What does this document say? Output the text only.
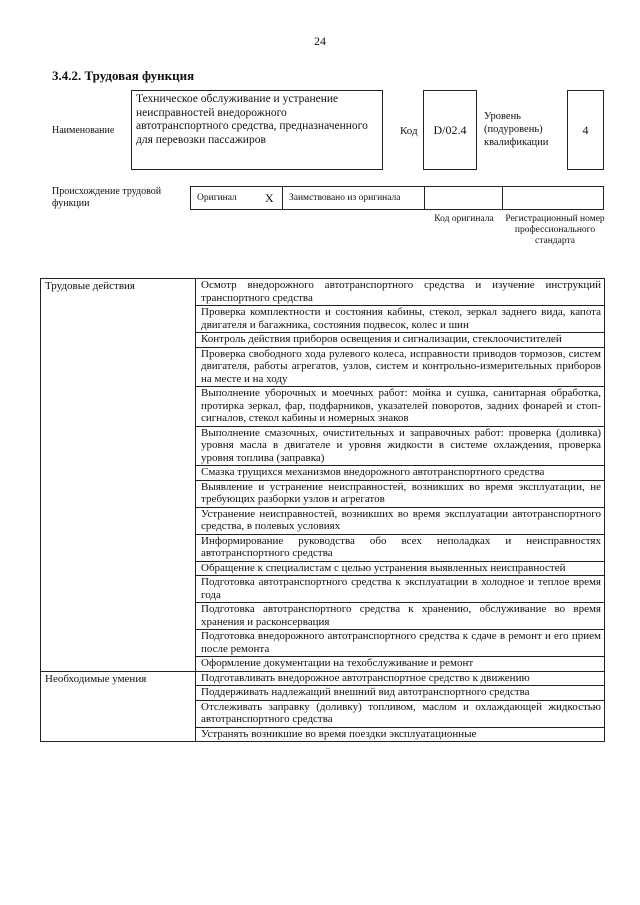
24
3.4.2. Трудовая функция
Наименование
Техническое обслуживание и устранение неисправностей внедорожного автотранспортного средства, предназначенного для перевозки пассажиров
Код D/02.4
Уровень (подуровень) квалификации
4
Происхождение трудовой функции	Оригинал X	Заимствовано из оригинала
Код оригинала	Регистрационный номер профессионального стандарта
Трудовые действия	Осмотр внедорожного автотранспортного средства и изучение инструкций транспортного средства
	Проверка комплектности и состояния кабины, стекол, зеркал заднего вида, капота двигателя и багажника, состояния подвесок, колес и шин
	Контроль действия приборов освещения и сигнализации, стеклоочистителей
	Проверка свободного хода рулевого колеса, исправности приводов тормозов, систем двигателя, работы агрегатов, узлов, систем и контрольно-измерительных приборов на месте и на ходу
	Выполнение уборочных и моечных работ: мойка и сушка, санитарная обработка, протирка зеркал, фар, подфарников, указателей поворотов, задних фонарей и стоп-сигналов, стекол кабины и номерных знаков
	Выполнение смазочных, очистительных и заправочных работ: проверка (доливка) уровня масла в двигателе и уровня жидкости в системе охлаждения, проверка уровня топлива (заправка)
	Смазка трущихся механизмов внедорожного автотранспортного средства
	Выявление и устранение неисправностей, возникших во время эксплуатации, не требующих разборки узлов и агрегатов
	Устранение неисправностей, возникших во время эксплуатации автотранспортного средства, в полевых условиях
	Информирование руководства обо всех неполадках и неисправностях автотранспортного средства
	Обращение к специалистам с целью устранения выявленных неисправностей
	Подготовка автотранспортного средства к эксплуатации в холодное и теплое время года
	Подготовка автотранспортного средства к хранению, обслуживание во время хранения и расконсервация
	Подготовка внедорожного автотранспортного средства к сдаче в ремонт и его прием после ремонта
	Оформление документации на техобслуживание и ремонт
Необходимые умения	Подготавливать внедорожное автотранспортное средство к движению
	Поддерживать надлежащий внешний вид автотранспортного средства
	Отслеживать заправку (доливку) топливом, маслом и охлаждающей жидкостью автотранспортного средства
	Устранять возникшие во время поездки эксплуатационные
